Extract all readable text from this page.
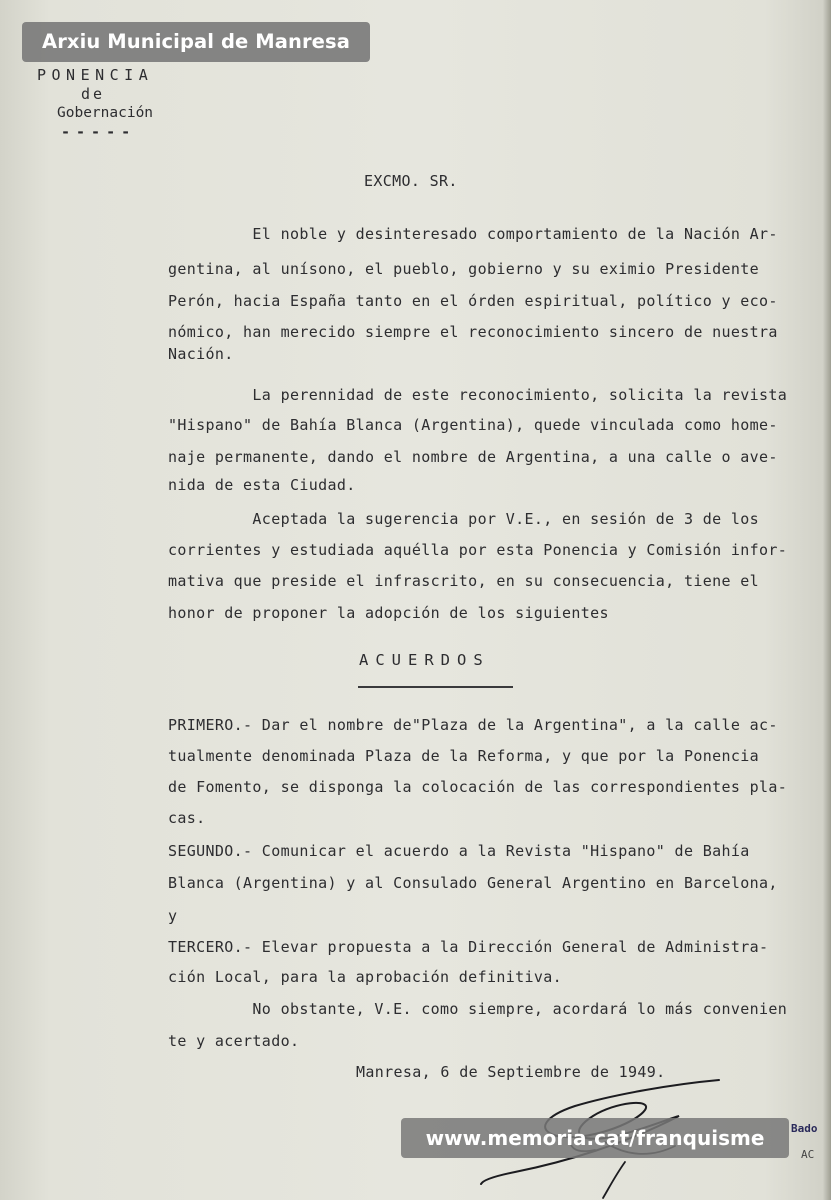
Arxiu Municipal de Manresa
PONENCIA
de
Gobernación
-----
EXCMO. SR.
El noble y desinteresado comportamiento de la Nación Ar-
gentina, al unísono, el pueblo, gobierno y su eximio Presidente
Perón, hacia España tanto en el órden espiritual, político y eco-
nómico, han merecido siempre el reconocimiento sincero de nuestra
Nación.
La perennidad de este reconocimiento, solicita la revista
"Hispano" de Bahía Blanca (Argentina), quede vinculada como home-
naje permanente, dando el nombre de Argentina, a una calle o ave-
nida de esta Ciudad.
Aceptada la sugerencia por V.E., en sesión de 3 de los
corrientes y estudiada aquélla por esta Ponencia y Comisión infor-
mativa que preside el infrascrito, en su consecuencia, tiene el
honor de proponer la adopción de los siguientes
ACUERDOS
PRIMERO.- Dar el nombre de"Plaza de la Argentina", a la calle ac-
tualmente denominada Plaza de la Reforma, y que por la Ponencia
de Fomento, se disponga la colocación de las correspondientes pla-
cas.
SEGUNDO.- Comunicar el acuerdo a la Revista "Hispano" de Bahía
Blanca (Argentina) y al Consulado General Argentino en Barcelona,
y
TERCERO.- Elevar propuesta a la Dirección General de Administra-
ción Local, para la aprobación definitiva.
No obstante, V.E. como siempre, acordará lo más convenien
te y acertado.
Manresa, 6 de Septiembre de 1949.
www.memoria.cat/franquisme	Bado
AC
